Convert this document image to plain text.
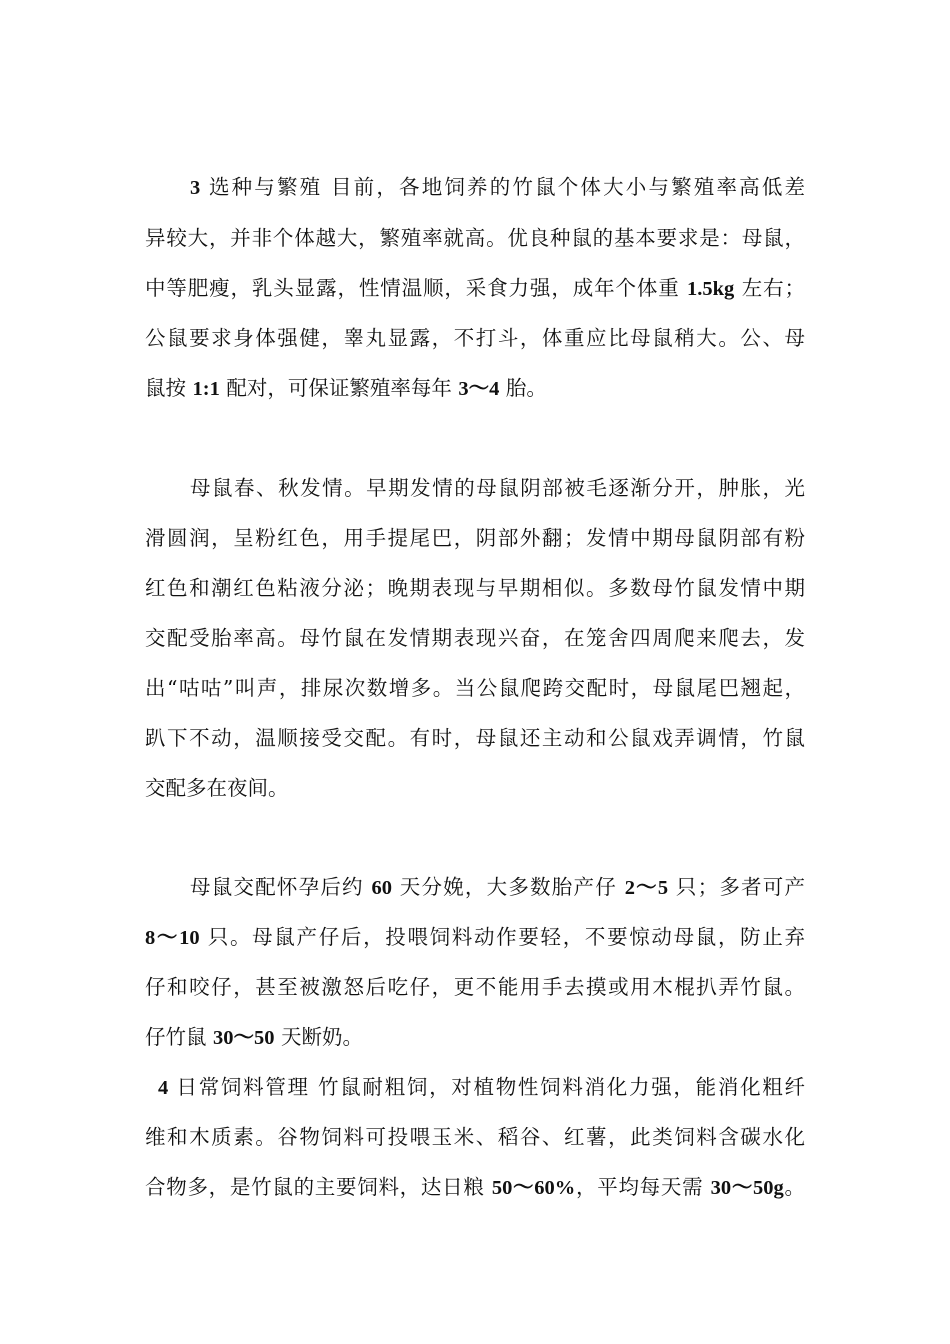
3 选种与繁殖 目前，各地饲养的竹鼠个体大小与繁殖率高低差
异较大，并非个体越大，繁殖率就高。优良种鼠的基本要求是：母鼠，
中等肥瘦，乳头显露，性情温顺，采食力强，成年个体重 1.5kg 左右；
公鼠要求身体强健，睾丸显露，不打斗，体重应比母鼠稍大。公、母
鼠按 1:1 配对，可保证繁殖率每年 3～4 胎。
母鼠春、秋发情。早期发情的母鼠阴部被毛逐渐分开，肿胀，光
滑圆润，呈粉红色，用手提尾巴，阴部外翻；发情中期母鼠阴部有粉
红色和潮红色粘液分泌；晚期表现与早期相似。多数母竹鼠发情中期
交配受胎率高。母竹鼠在发情期表现兴奋，在笼舍四周爬来爬去，发
出“咕咕”叫声，排尿次数增多。当公鼠爬跨交配时，母鼠尾巴翘起，
趴下不动，温顺接受交配。有时，母鼠还主动和公鼠戏弄调情，竹鼠
交配多在夜间。
母鼠交配怀孕后约 60 天分娩，大多数胎产仔 2～5 只；多者可产
8～10 只。母鼠产仔后，投喂饲料动作要轻，不要惊动母鼠，防止弃
仔和咬仔，甚至被激怒后吃仔，更不能用手去摸或用木棍扒弄竹鼠。
仔竹鼠 30～50 天断奶。
4 日常饲料管理 竹鼠耐粗饲，对植物性饲料消化力强，能消化粗纤
维和木质素。谷物饲料可投喂玉米、稻谷、红薯，此类饲料含碳水化
合物多，是竹鼠的主要饲料，达日粮 50～60%，平均每天需 30～50g。
